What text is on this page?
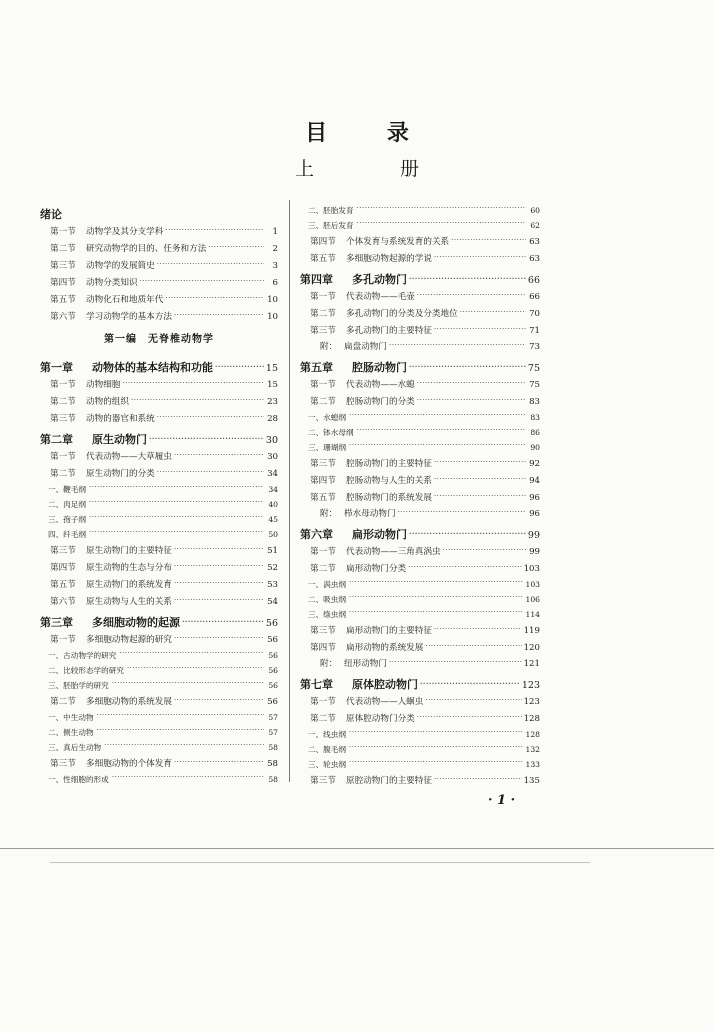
目 录
上 册
绪论
第一节	动物学及其分支学科 ·····	1
第二节	研究动物学的目的、任务和方法 ·····	2
第三节	动物学的发展简史 ·····	3
第四节	动物分类知识 ·····	6
第五节	动物化石和地质年代 ·····	10
第六节	学习动物学的基本方法 ·····	10
第一编　无脊椎动物学
第一章	动物体的基本结构和功能 ·····	15
第一节	动物细胞 ·····	15
第二节	动物的组织 ·····	23
第三节	动物的器官和系统 ·····	28
第二章	原生动物门 ·····	30
第一节	代表动物——大草履虫 ·····	30
第二节	原生动物门的分类 ·····	34
一、鞭毛纲 ·····	34
二、肉足纲 ·····	40
三、孢子纲 ·····	45
四、纤毛纲 ·····	50
第三节	原生动物门的主要特征 ·····	51
第四节	原生动物的生态与分布 ·····	52
第五节	原生动物门的系统发育 ·····	53
第六节	原生动物与人生的关系 ·····	54
第三章	多细胞动物的起源 ·····	56
第一节	多细胞动物起源的研究 ·····	56
一、古动物学的研究 ·····	56
二、比较形态学的研究 ·····	56
三、胚胎学的研究 ·····	56
第二节	多细胞动物的系统发展 ·····	56
一、中生动物 ·····	57
二、侧生动物 ·····	57
三、真后生动物 ·····	58
第三节	多细胞动物的个体发育 ·····	58
一、性细胞的形成 ·····	58
二、胚胎发育 ·····	60
三、胚后发育 ·····	62
第四节	个体发育与系统发育的关系 ·····	63
第五节	多细胞动物起源的学说 ·····	63
第四章	多孔动物门 ·····	66
第一节	代表动物——毛壶 ·····	66
第二节	多孔动物门的分类及分类地位 ·····	70
第三节	多孔动物门的主要特征 ·····	71
附： 扁盘动物门 ·····	73
第五章	腔肠动物门 ·····	75
第一节	代表动物——水螅 ·····	75
第二节	腔肠动物门的分类 ·····	83
一、水螅纲 ·····	83
二、钵水母纲 ·····	86
三、珊瑚纲 ·····	90
第三节	腔肠动物门的主要特征 ·····	92
第四节	腔肠动物与人生的关系 ·····	94
第五节	腔肠动物门的系统发展 ·····	96
附： 栉水母动物门 ·····	96
第六章	扁形动物门 ·····	99
第一节	代表动物——三角真涡虫 ·····	99
第二节	扁形动物门分类 ·····	103
一、涡虫纲 ·····	103
二、吸虫纲 ·····	106
三、绦虫纲 ·····	114
第三节	扁形动物门的主要特征 ·····	119
第四节	扁形动物的系统发展 ·····	120
附： 纽形动物门 ·····	121
第七章	原体腔动物门 ·····	123
第一节	代表动物——人蛔虫 ·····	123
第二节	原体腔动物门分类 ·····	128
一、线虫纲 ·····	128
二、腹毛纲 ·····	132
三、轮虫纲 ·····	133
第三节	原腔动物门的主要特征 ·····	135
· 1 ·
